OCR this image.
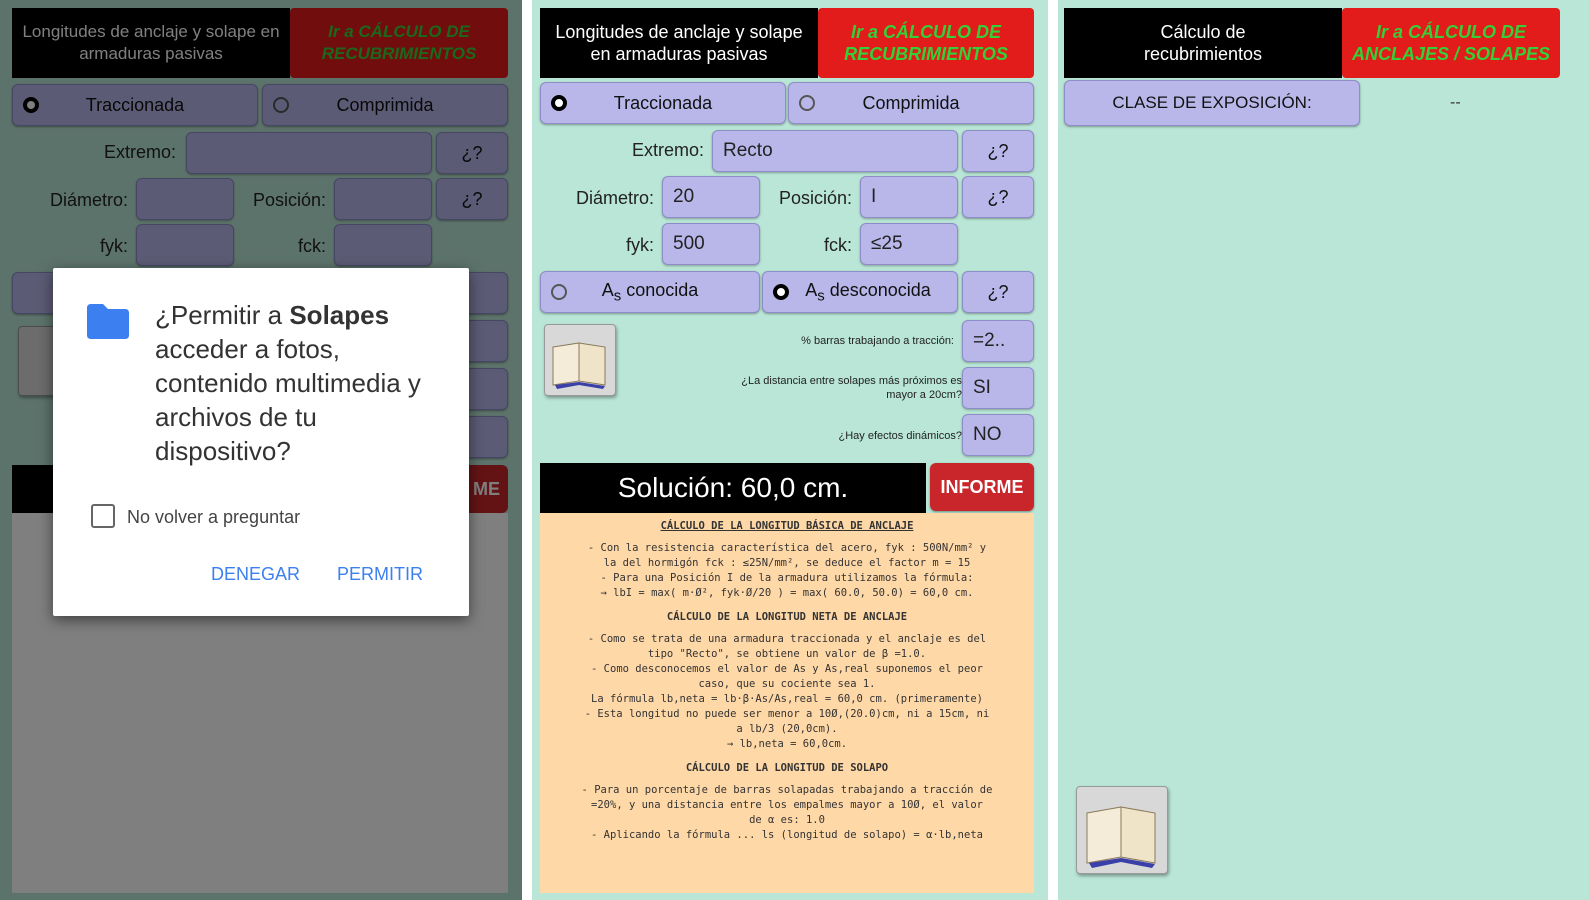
¿Permitir a Solapes acceder a fotos, contenido multimedia y archivos de tu dispositivo?
No volver a preguntar
DENEGAR PERMITIR
Longitudes de anclaje y solape en armaduras pasivas
Ir a CÁLCULO DE RECUBRIMIENTOS
Traccionada	Comprimida
Extremo:	Recto	¿?
Diámetro:	20	Posición:	I	¿?
fyk:	500	fck:	≤25
$A_s$ conocida	$A_s$ desconocida	¿?
% barras trabajando a tracción:	=2..
¿La distancia entre solapes más próximos es mayor a 20cm? SI
¿Hay efectos dinámicos? NO
Solución: 60,0 cm.	INFORME
CÁLCULO DE LA LONGITUD BÁSICA DE ANCLAJE

- Con la resistencia característica del acero, fyk : 500N/mm² y

la del hormigón fck : ≤25N/mm², se deduce el factor m = 15

- Para una Posición I de la armadura utilizamos la fórmula:

→ lbI = max( m·Ø², fyk·Ø/20 ) = max( 60.0, 50.0) = 60,0 cm.

CÁLCULO DE LA LONGITUD NETA DE ANCLAJE

- Como se trata de una armadura traccionada y el anclaje es del

tipo "Recto", se obtiene un valor de β =1.0.

- Como desconocemos el valor de As y As,real suponemos el peor

caso, que su cociente sea 1.

La fórmula lb,neta = lb·β·As/As,real = 60,0 cm. (primeramente)

- Esta longitud no puede ser menor a 10Ø,(20.0)cm, ni a 15cm, ni

a lb/3 (20,0cm).

→ lb,neta = 60,0cm.

CÁLCULO DE LA LONGITUD DE SOLAPO

- Para un porcentaje de barras solapadas trabajando a tracción de

=20%, y una distancia entre los empalmes mayor a 10Ø, el valor

de α es: 1.0

- Aplicando la fórmula ... ls (longitud de solapo) = α·lb,neta

Cálculo de recubrimientos
Ir a CÁLCULO DE ANCLAJES / SOLAPES
CLASE DE EXPOSICIÓN:	--
